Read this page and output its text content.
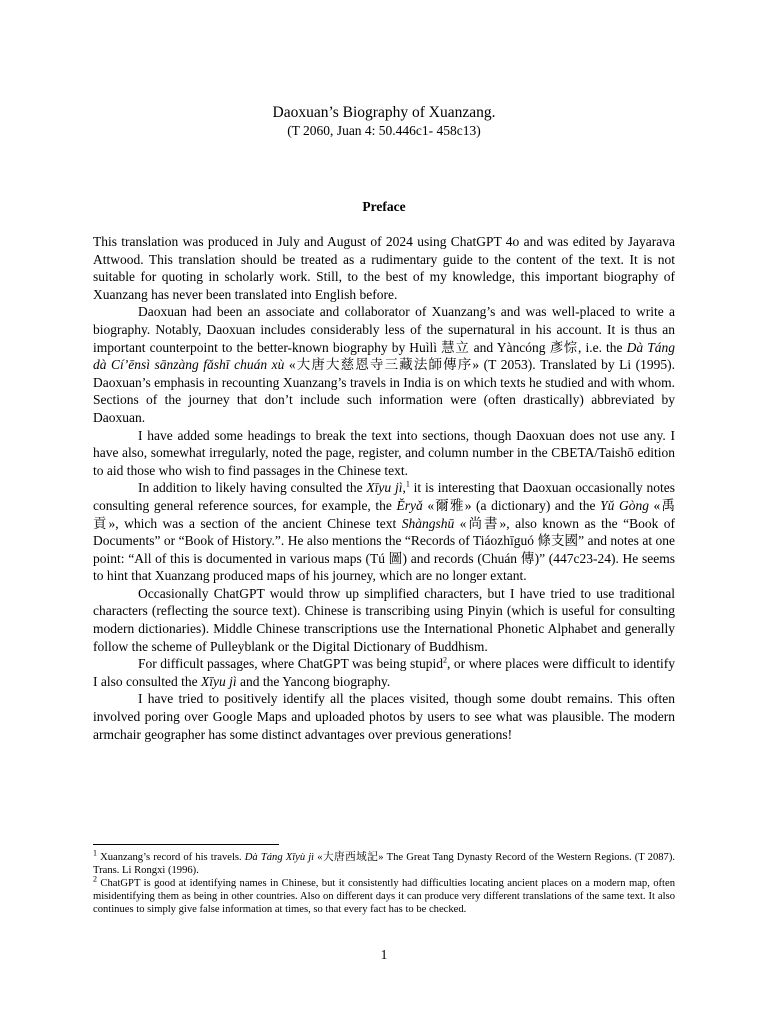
Daoxuan’s Biography of Xuanzang.
(T 2060, Juan 4: 50.446c1- 458c13)
Preface

This translation was produced in July and August of 2024 using ChatGPT 4o and was edited by Jayarava Attwood. This translation should be treated as a rudimentary guide to the content of the text. It is not suitable for quoting in scholarly work. Still, to the best of my knowledge, this important biography of Xuanzang has never been translated into English before.

Daoxuan had been an associate and collaborator of Xuanzang’s and was well-placed to write a biography. Notably, Daoxuan includes considerably less of the supernatural in his account. It is thus an important counterpoint to the better-known biography by Huìlì 慧立 and Yàncóng 彥悰, i.e. the Dà Táng dà Cí’ēnsì sānzàng fǎshī chuán xù «大唐大慈恩寺三藏法師傳序» (T 2053). Translated by Li (1995). Daoxuan’s emphasis in recounting Xuanzang’s travels in India is on which texts he studied and with whom. Sections of the journey that don’t include such information were (often drastically) abbreviated by Daoxuan.

I have added some headings to break the text into sections, though Daoxuan does not use any. I have also, somewhat irregularly, noted the page, register, and column number in the CBETA/Taishō edition to aid those who wish to find passages in the Chinese text.

In addition to likely having consulted the Xīyu jì,$^1$ it is interesting that Daoxuan occasionally notes consulting general reference sources, for example, the Ěryǎ «爾雅» (a dictionary) and the Yǔ Gòng «禹貢», which was a section of the ancient Chinese text Shàngshū «尚書», also known as the “Book of Documents” or “Book of History.”. He also mentions the “Records of Tiáozhīguó 條支國” and notes at one point: “All of this is documented in various maps (Tú 圖) and records (Chuán 傳)” (447c23-24). He seems to hint that Xuanzang produced maps of his journey, which are no longer extant.

Occasionally ChatGPT would throw up simplified characters, but I have tried to use traditional characters (reflecting the source text). Chinese is transcribing using Pinyin (which is useful for consulting modern dictionaries). Middle Chinese transcriptions use the International Phonetic Alphabet and generally follow the scheme of Pulleyblank or the Digital Dictionary of Buddhism.

For difficult passages, where ChatGPT was being stupid$^2$, or where places were difficult to identify I also consulted the Xīyu jì and the Yancong biography.

I have tried to positively identify all the places visited, though some doubt remains. This often involved poring over Google Maps and uploaded photos by users to see what was plausible. The modern armchair geographer has some distinct advantages over previous generations!

$^1$ Xuanzang’s record of his travels. Dà Táng Xīyù jì «大唐西域記» The Great Tang Dynasty Record of the Western Regions. (T 2087). Trans. Li Rongxi (1996).

$^2$ ChatGPT is good at identifying names in Chinese, but it consistently had difficulties locating ancient places on a modern map, often misidentifying them as being in other countries. Also on different days it can produce very different translations of the same text. It also continues to simply give false information at times, so that every fact has to be checked.

1
